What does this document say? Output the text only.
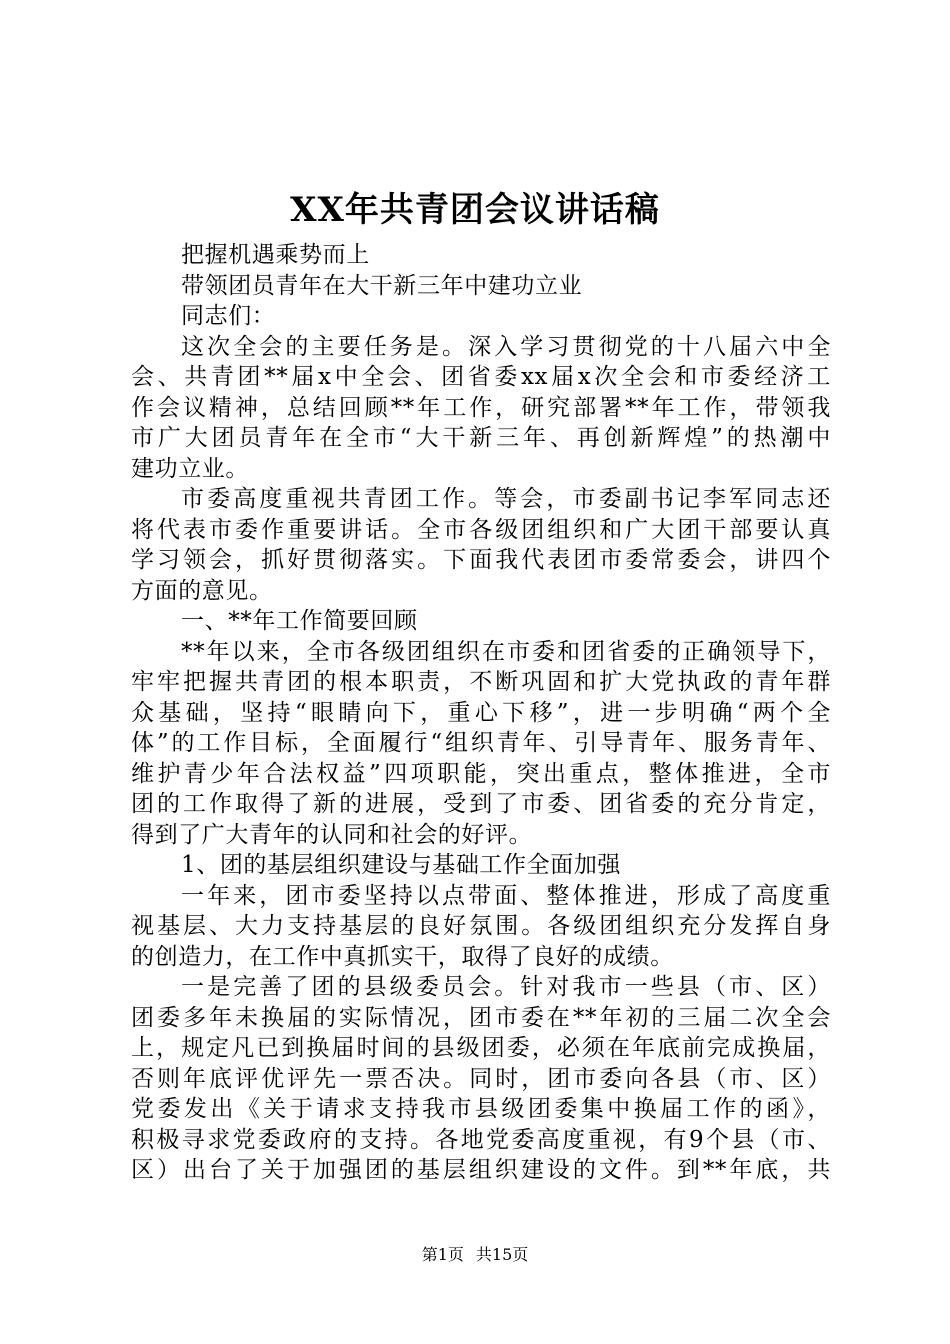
XX年共青团会议讲话稿
把握机遇乘势而上
带领团员青年在大干新三年中建功立业
同志们：
这次全会的主要任务是。深入学习贯彻党的十八届六中全
会、共青团**届x中全会、团省委xx届x次全会和市委经济工
作会议精神，总结回顾**年工作，研究部署**年工作，带领我
市广大团员青年在全市“大干新三年、再创新辉煌”的热潮中
建功立业。
市委高度重视共青团工作。等会，市委副书记李军同志还
将代表市委作重要讲话。全市各级团组织和广大团干部要认真
学习领会，抓好贯彻落实。下面我代表团市委常委会，讲四个
方面的意见。
一、**年工作简要回顾
**年以来，全市各级团组织在市委和团省委的正确领导下，
牢牢把握共青团的根本职责，不断巩固和扩大党执政的青年群
众基础，坚持“眼睛向下，重心下移”，进一步明确“两个全
体”的工作目标，全面履行“组织青年、引导青年、服务青年、
维护青少年合法权益”四项职能，突出重点，整体推进，全市
团的工作取得了新的进展，受到了市委、团省委的充分肯定，
得到了广大青年的认同和社会的好评。
1、团的基层组织建设与基础工作全面加强
一年来，团市委坚持以点带面、整体推进，形成了高度重
视基层、大力支持基层的良好氛围。各级团组织充分发挥自身
的创造力，在工作中真抓实干，取得了良好的成绩。
一是完善了团的县级委员会。针对我市一些县（市、区）
团委多年未换届的实际情况，团市委在**年初的三届二次全会
上，规定凡已到换届时间的县级团委，必须在年底前完成换届，
否则年底评优评先一票否决。同时，团市委向各县（市、区）
党委发出《关于请求支持我市县级团委集中换届工作的函》，
积极寻求党委政府的支持。各地党委高度重视，有9个县（市、
区）出台了关于加强团的基层组织建设的文件。到**年底，共
第1页 共15页
